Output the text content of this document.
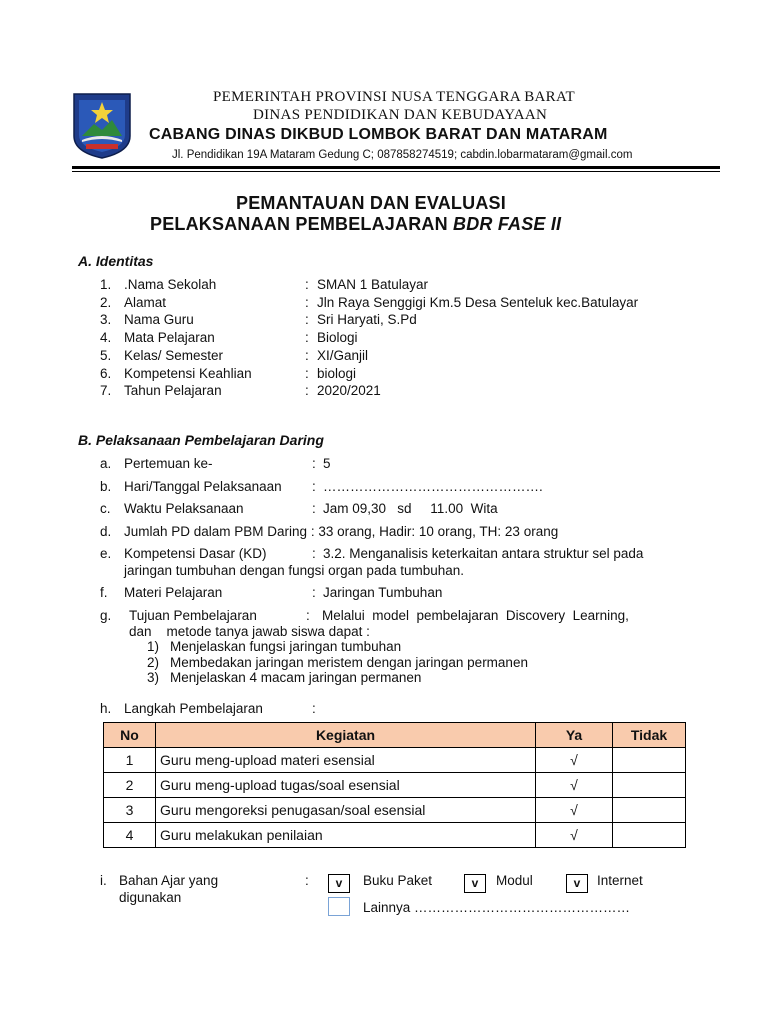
PEMERINTAH PROVINSI NUSA TENGGARA BARAT
DINAS PENDIDIKAN DAN KEBUDAYAAN
CABANG DINAS DIKBUD LOMBOK BARAT DAN MATARAM
Jl. Pendidikan 19A Mataram Gedung C; 087858274519; cabdin.lobarmataram@gmail.com
PEMANTAUAN DAN EVALUASI
PELAKSANAAN PEMBELAJARAN BDR FASE II
A. Identitas
1. .Nama Sekolah	: SMAN 1 Batulayar
2. Alamat	: Jln Raya Senggigi Km.5 Desa Senteluk kec.Batulayar
3. Nama Guru	: Sri Haryati, S.Pd
4. Mata Pelajaran	: Biologi
5. Kelas/ Semester	: XI/Ganjil
6. Kompetensi Keahlian	: biologi
7. Tahun Pelajaran	: 2020/2021
B. Pelaksanaan Pembelajaran Daring
a. Pertemuan ke-	: 5
b. Hari/Tanggal Pelaksanaan : ………………………………………….
c. Waktu Pelaksanaan	: Jam 09,30   sd     11.00  Wita
d. Jumlah PD dalam PBM Daring : 33 orang, Hadir: 10 orang, TH: 23 orang
e. Kompetensi Dasar (KD)	: 3.2. Menganalisis keterkaitan antara struktur sel pada
jaringan tumbuhan dengan fungsi organ pada tumbuhan.
f. Materi Pelajaran	: Jaringan Tumbuhan
g. Tujuan Pembelajaran	: Melalui  model  pembelajaran  Discovery  Learning,
dan    metode tanya jawab siswa dapat :
1) Menjelaskan fungsi jaringan tumbuhan
2) Membedakan jaringan meristem dengan jaringan permanen
3) Menjelaskan 4 macam jaringan permanen
h. Langkah Pembelajaran	:
No	Kegiatan	Ya	Tidak
1	Guru meng-upload materi esensial	√	
2	Guru meng-upload tugas/soal esensial	√	
3	Guru mengoreksi penugasan/soal esensial	√	
4	Guru melakukan penilaian	√	
i. Bahan Ajar yang
digunakan
:	v	Buku Paket	v	Modul	v	Internet
Lainnya …………………………………………
